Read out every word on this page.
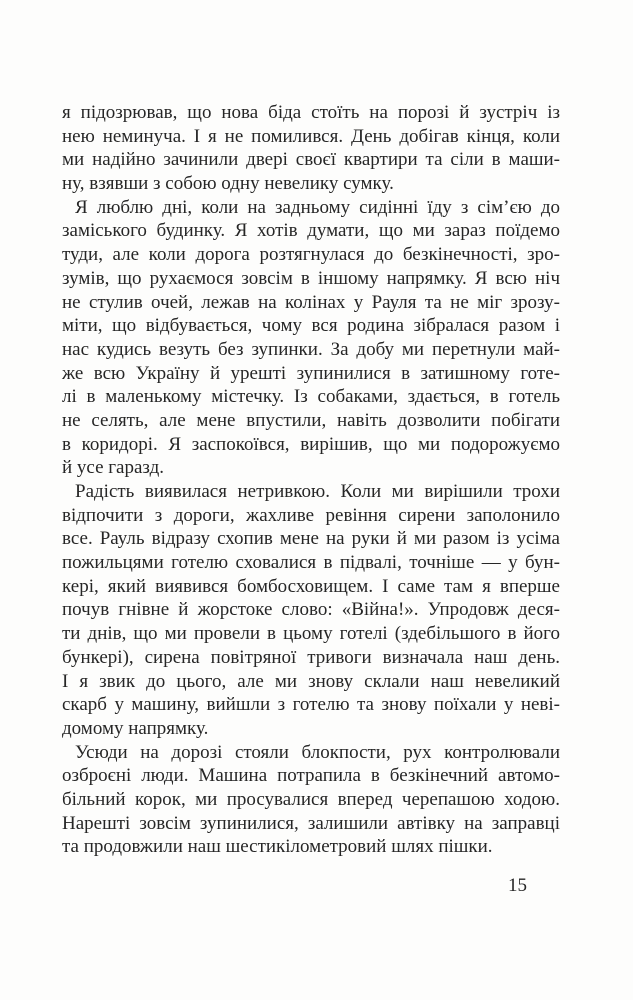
я підозрював, що нова біда стоїть на порозі й зустріч із
нею неминуча. І я не помилився. День добігав кінця, коли
ми надійно зачинили двері своєї квартири та сіли в маши-
ну, взявши з собою одну невелику сумку.
Я люблю дні, коли на задньому сидінні їду з сім’єю до
заміського будинку. Я хотів думати, що ми зараз поїдемо
туди, але коли дорога розтягнулася до безкінечності, зро-
зумів, що рухаємося зовсім в іншому напрямку. Я всю ніч
не стулив очей, лежав на колінах у Рауля та не міг зрозу-
міти, що відбувається, чому вся родина зібралася разом і
нас кудись везуть без зупинки. За добу ми перетнули май-
же всю Україну й урешті зупинилися в затишному готе-
лі в маленькому містечку. Із собаками, здається, в готель
не селять, але мене впустили, навіть дозволити побігати
в коридорі. Я заспокоївся, вирішив, що ми подорожуємо
й усе гаразд.
Радість виявилася нетривкою. Коли ми вирішили трохи
відпочити з дороги, жахливе ревіння сирени заполонило
все. Рауль відразу схопив мене на руки й ми разом із усіма
пожильцями готелю сховалися в підвалі, точніше — у бун-
кері, який виявився бомбосховищем. І саме там я вперше
почув гнівне й жорстоке слово: «Війна!». Упродовж деся-
ти днів, що ми провели в цьому готелі (здебільшого в його
бункері), сирена повітряної тривоги визначала наш день.
І я звик до цього, але ми знову склали наш невеликий
скарб у машину, вийшли з готелю та знову поїхали у неві-
домому напрямку.
Усюди на дорозі стояли блокпости, рух контролювали
озброєні люди. Машина потрапила в безкінечний автомо-
більний корок, ми просувалися вперед черепашою ходою.
Нарешті зовсім зупинилися, залишили автівку на заправці
та продовжили наш шестикілометровий шлях пішки.
15
